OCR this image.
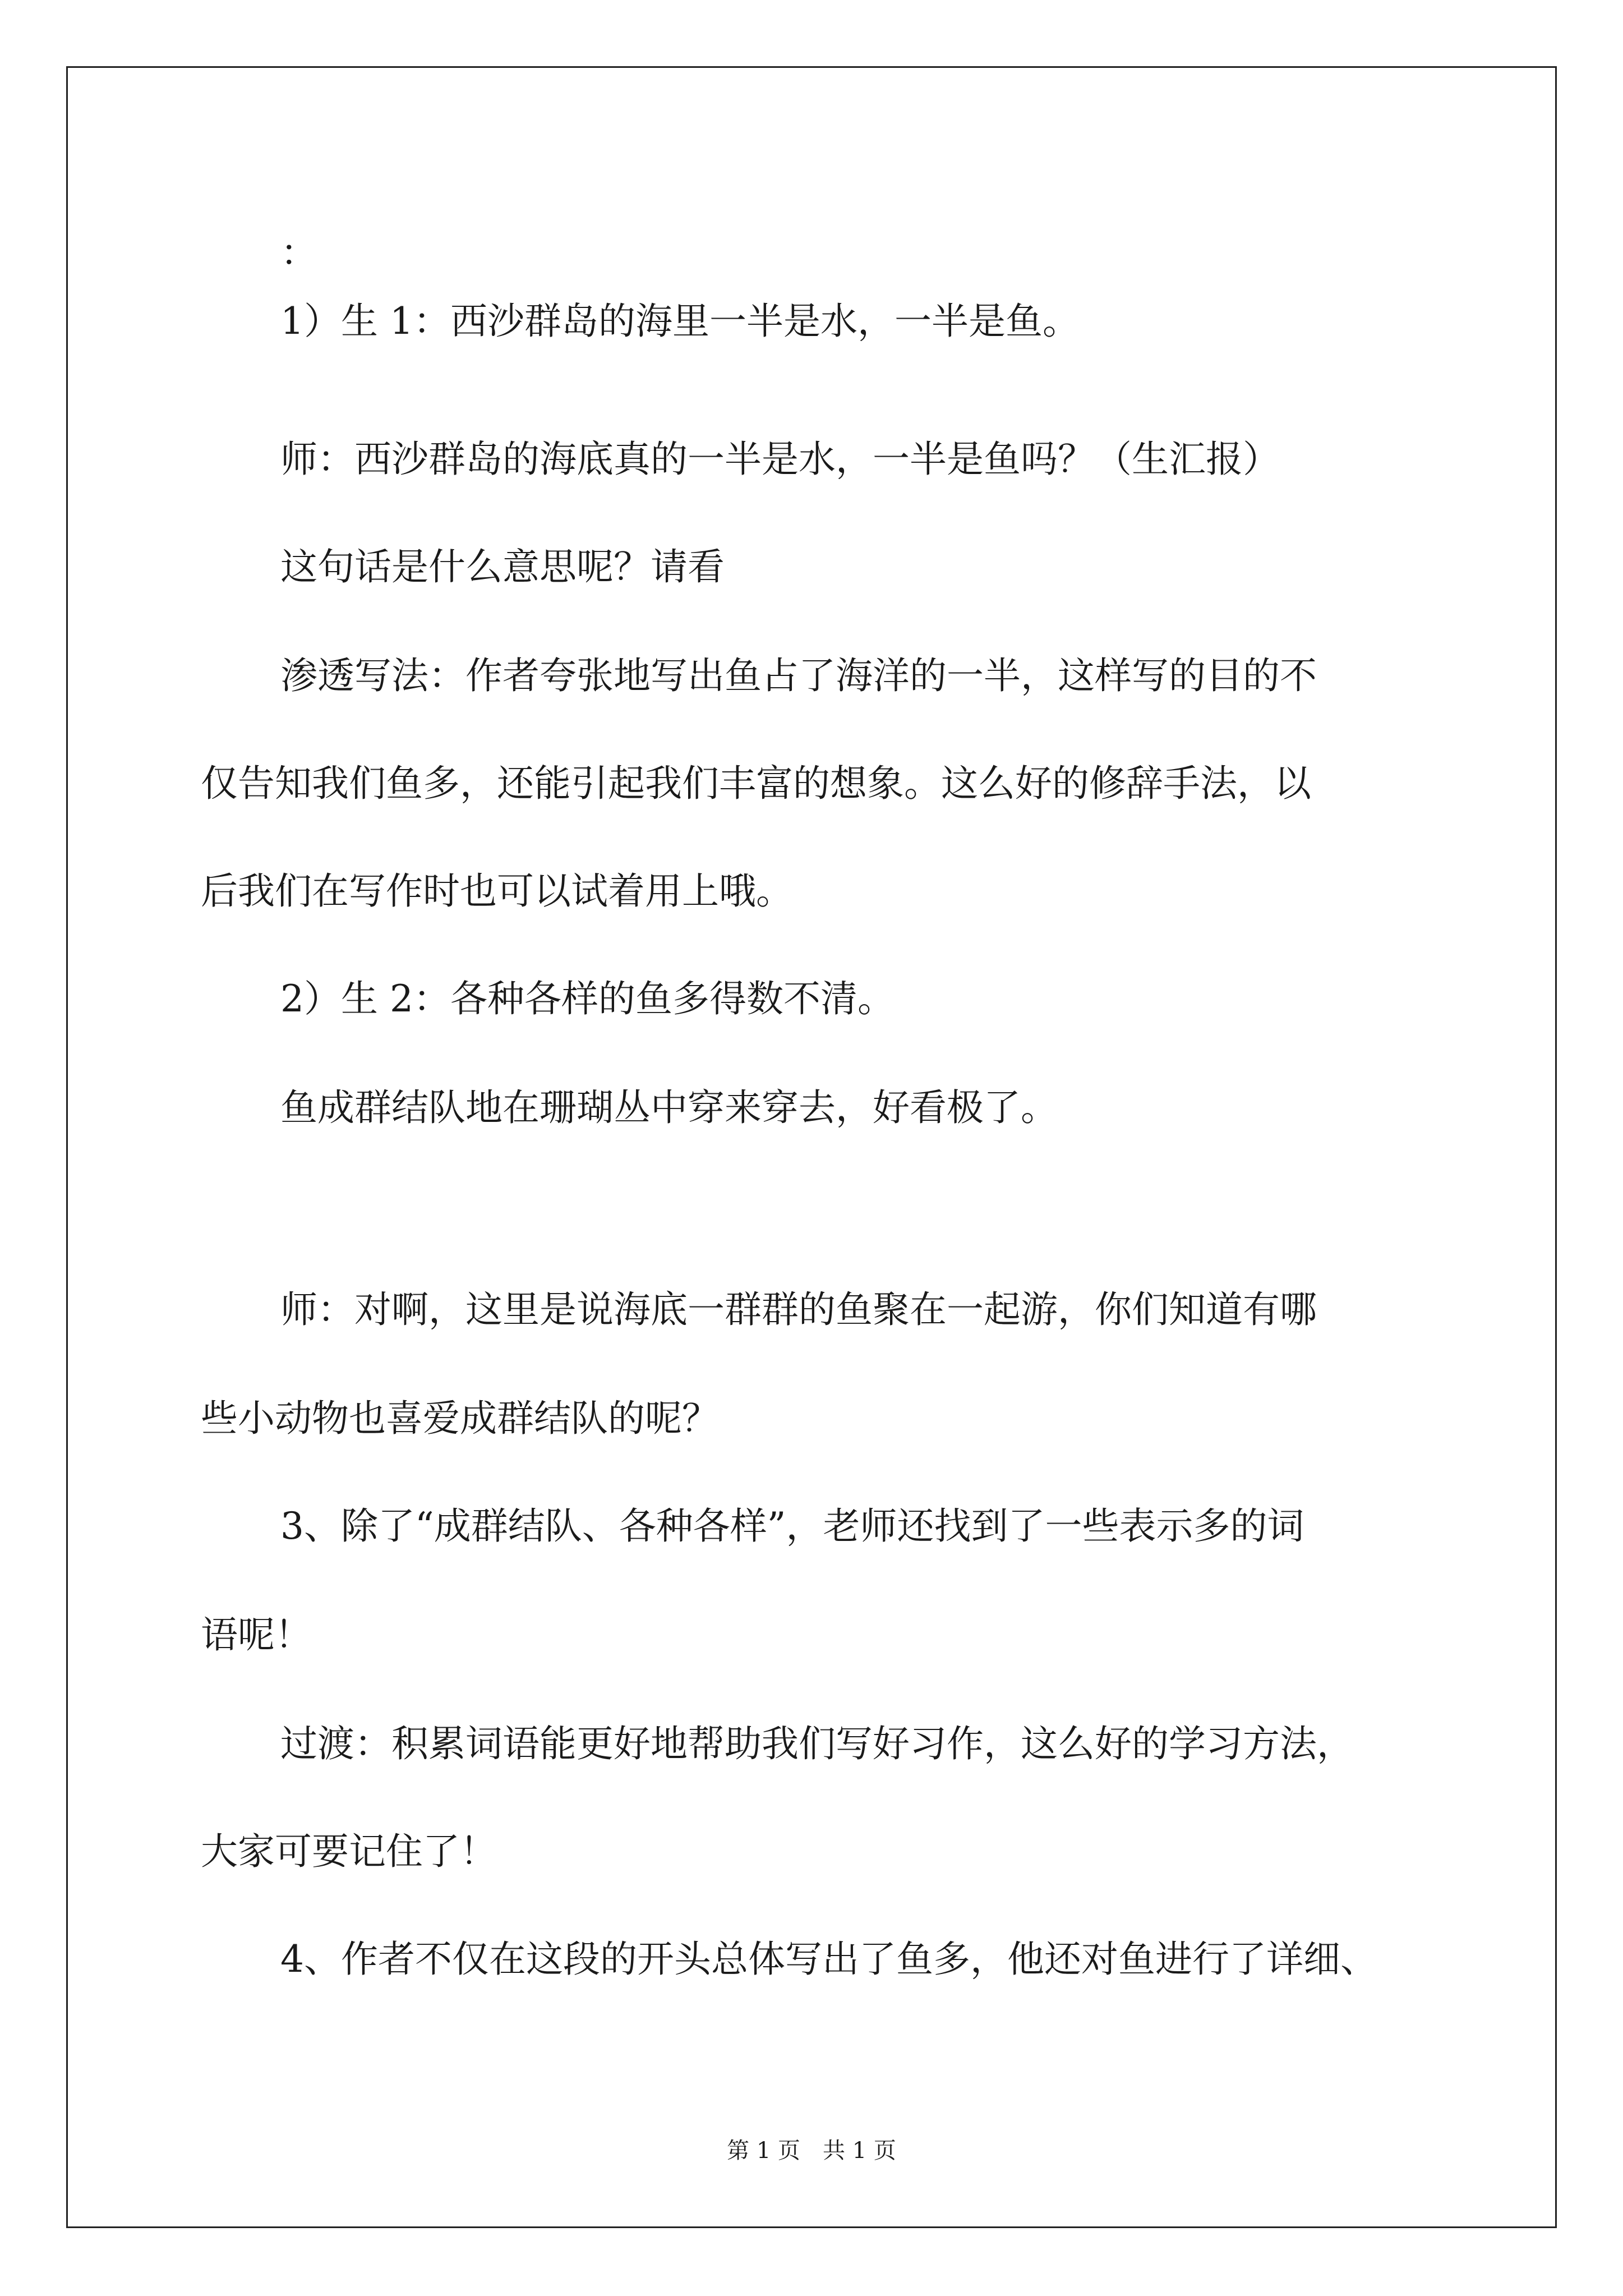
：
1）生 1：西沙群岛的海里一半是水，一半是鱼。
师：西沙群岛的海底真的一半是水，一半是鱼吗？（生汇报）
这句话是什么意思呢？请看
渗透写法：作者夸张地写出鱼占了海洋的一半，这样写的目的不
仅告知我们鱼多，还能引起我们丰富的想象。这么好的修辞手法，以
后我们在写作时也可以试着用上哦。
2）生 2：各种各样的鱼多得数不清。
鱼成群结队地在珊瑚丛中穿来穿去，好看极了。
师：对啊，这里是说海底一群群的鱼聚在一起游，你们知道有哪
些小动物也喜爱成群结队的呢？
3、除了“成群结队、各种各样”，老师还找到了一些表示多的词
语呢！
过渡：积累词语能更好地帮助我们写好习作，这么好的学习方法，
大家可要记住了！
4、作者不仅在这段的开头总体写出了鱼多，他还对鱼进行了详细、
第 1 页　共 1 页
